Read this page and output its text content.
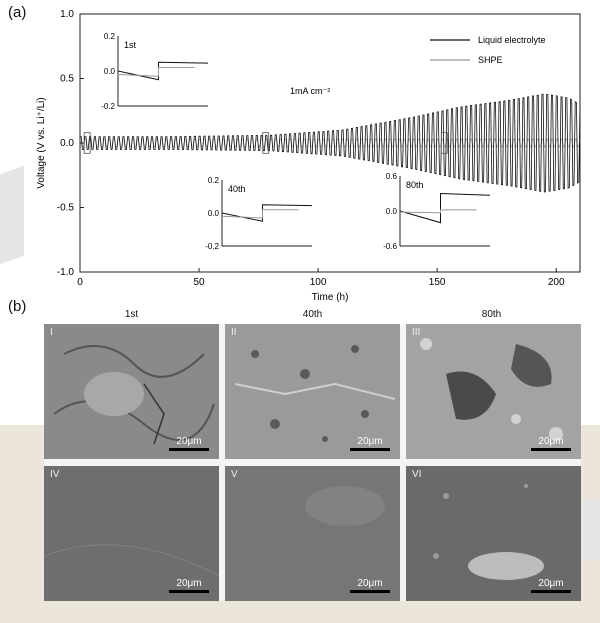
(a)
(b)
1.0
0.5
0.0
-0.5
-1.0
0	50	100	150	200
Time (h)
Voltage (V vs. Li⁺/Li)
1mA cm⁻²
Liquid electrolyte
SHPE
1st
0.2
0.0
-0.2
40th
0.2
0.0
-0.2
80th
0.6
0.0
-0.6
1st	40th	80th
I
20μm
II
20μm
III
20μm
IV
20μm
V
20μm
VI
20μm
